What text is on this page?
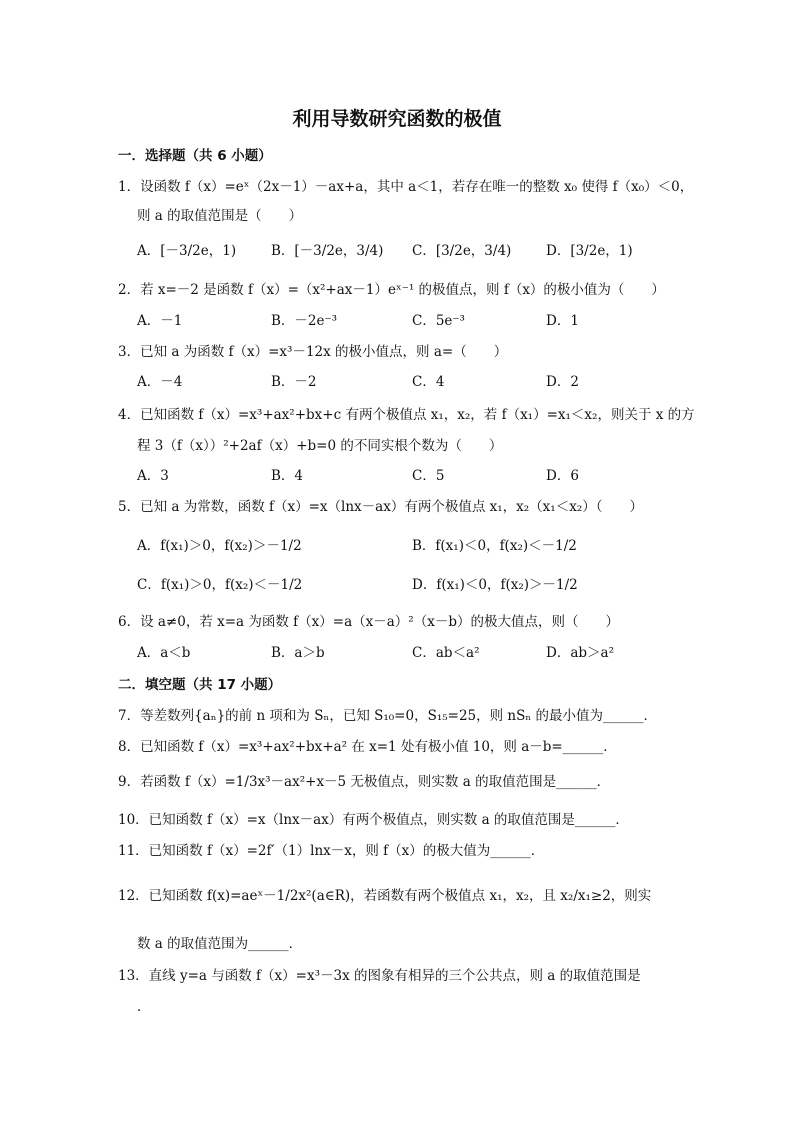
利用导数研究函数的极值
一．选择题（共 6 小题）
1．设函数 f（x）=eˣ（2x－1）－ax+a，其中 a＜1，若存在唯一的整数 x₀ 使得 f（x₀）＜0，
则 a 的取值范围是（　　）
A．[－3/2e，1)	B．[－3/2e，3/4) C．[3/2e，3/4)	D．[3/2e，1)
2．若 x=－2 是函数 f（x）=（x²+ax－1）eˣ⁻¹ 的极值点，则 f（x）的极小值为（　　）
A．－1	B．－2e⁻³	C．5e⁻³	D．1
3．已知 a 为函数 f（x）=x³－12x 的极小值点，则 a=（　　）
A．－4	B．－2	C．4	D．2
4．已知函数 f（x）=x³+ax²+bx+c 有两个极值点 x₁，x₂，若 f（x₁）=x₁＜x₂，则关于 x 的方
程 3（f（x））²+2af（x）+b=0 的不同实根个数为（　　）
A．3	B．4	C．5	D．6
5．已知 a 为常数，函数 f（x）=x（lnx－ax）有两个极值点 x₁，x₂（x₁＜x₂）（　　）
A．f(x₁)＞0，f(x₂)＞－1/2	B．f(x₁)＜0，f(x₂)＜－1/2
C．f(x₁)＞0，f(x₂)＜－1/2	D．f(x₁)＜0，f(x₂)＞－1/2
6．设 a≠0，若 x=a 为函数 f（x）=a（x－a）²（x－b）的极大值点，则（　　）
A．a＜b	B．a＞b	C．ab＜a²	D．ab＞a²
二．填空题（共 17 小题）
7．等差数列{aₙ}的前 n 项和为 Sₙ，已知 S₁₀=0，S₁₅=25，则 nSₙ 的最小值为______．
8．已知函数 f（x）=x³+ax²+bx+a² 在 x=1 处有极小值 10，则 a－b=______．
9．若函数 f（x）=1/3x³－ax²+x－5 无极值点，则实数 a 的取值范围是______．
10．已知函数 f（x）=x（lnx－ax）有两个极值点，则实数 a 的取值范围是______．
11．已知函数 f（x）=2f′（1）lnx－x，则 f（x）的极大值为______．
12．已知函数 f(x)=aeˣ－1/2x²(a∈R)，若函数有两个极值点 x₁，x₂，且 x₂/x₁≥2，则实
数 a 的取值范围为______．
13．直线 y=a 与函数 f（x）=x³－3x 的图象有相异的三个公共点，则 a 的取值范围是
．
